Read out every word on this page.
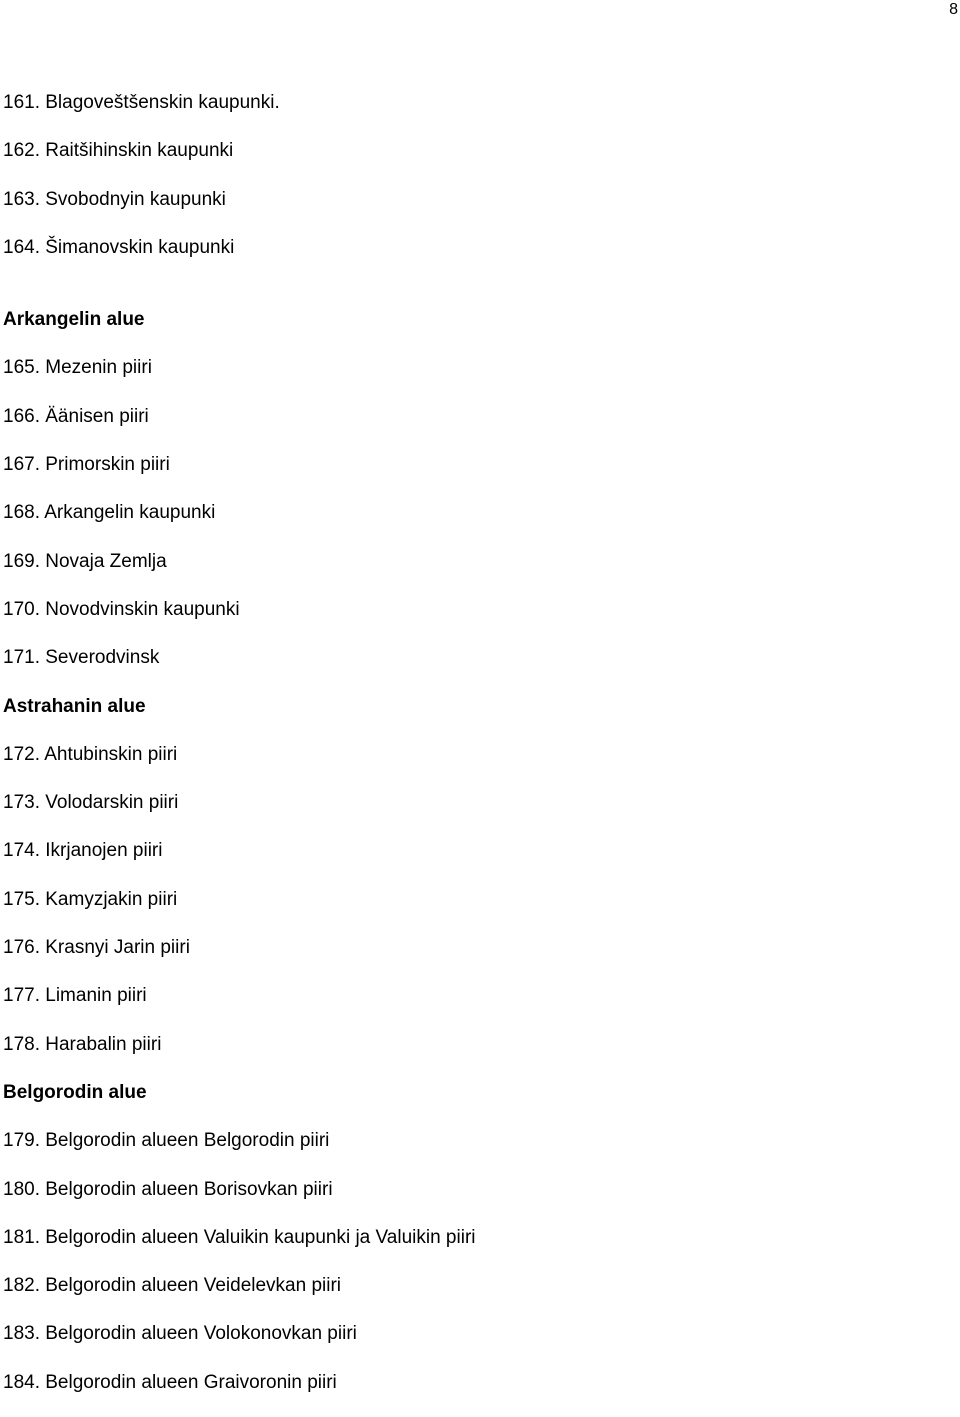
8
161. Blagoveštšenskin kaupunki.
162. Raitšihinskin kaupunki
163. Svobodnyin kaupunki
164. Šimanovskin kaupunki
Arkangelin alue
165. Mezenin piiri
166. Äänisen piiri
167. Primorskin piiri
168. Arkangelin kaupunki
169. Novaja Zemlja
170. Novodvinskin kaupunki
171. Severodvinsk
Astrahanin alue
172. Ahtubinskin piiri
173. Volodarskin piiri
174. Ikrjanojen piiri
175. Kamyzjakin piiri
176. Krasnyi Jarin piiri
177. Limanin piiri
178. Harabalin piiri
Belgorodin alue
179. Belgorodin alueen Belgorodin piiri
180. Belgorodin alueen Borisovkan piiri
181. Belgorodin alueen Valuikin kaupunki ja Valuikin piiri
182. Belgorodin alueen Veidelevkan piiri
183. Belgorodin alueen Volokonovkan piiri
184. Belgorodin alueen Graivoronin piiri
